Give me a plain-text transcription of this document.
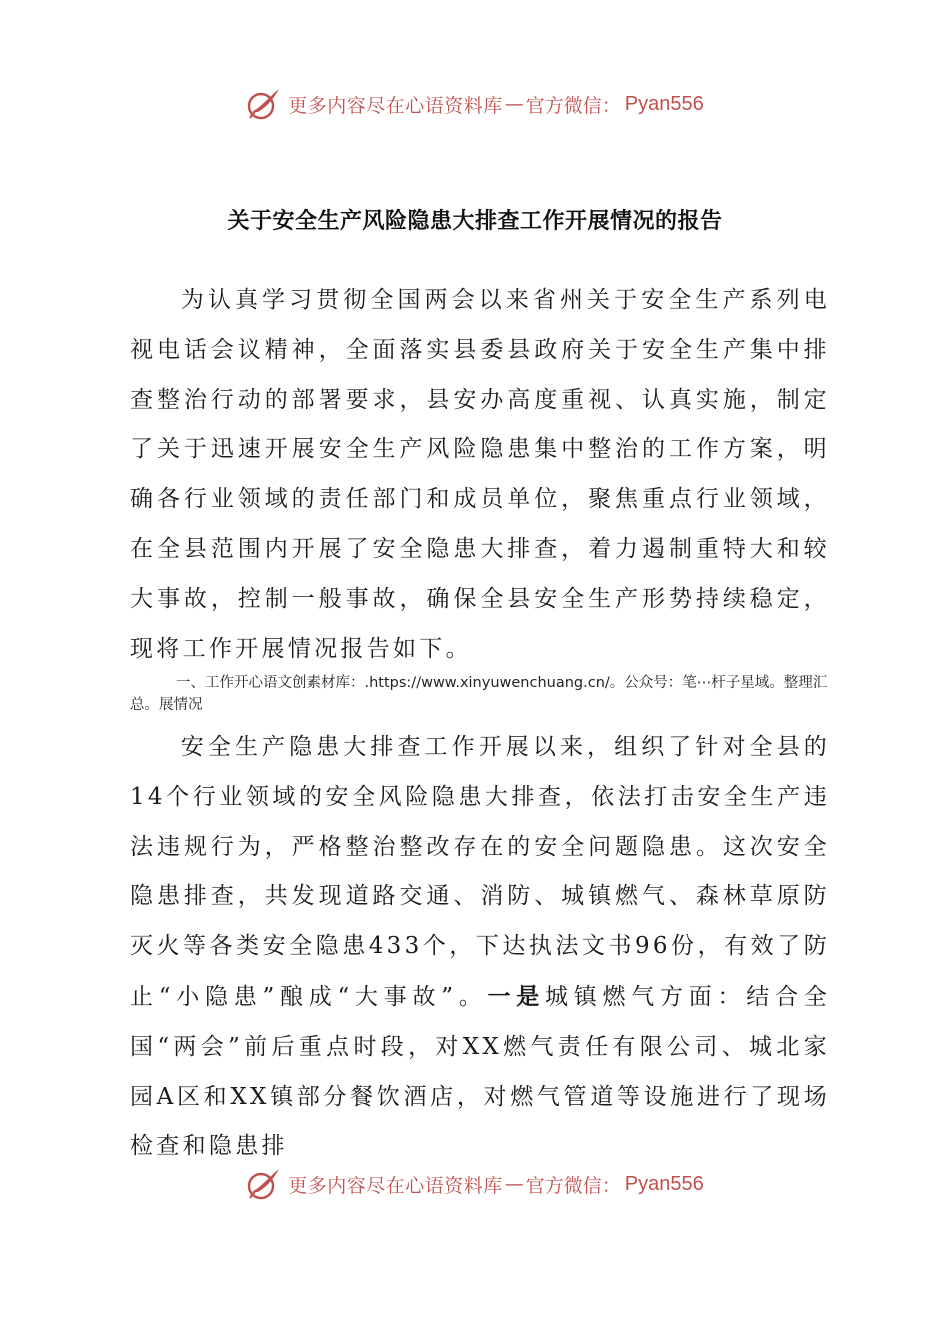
更多内容尽在心语资料库 — 官方微信： Pyan556
关于安全生产风险隐患大排查工作开展情况的报告

为认真学习贯彻全国两会以来省州关于安全生产系列电视电话会议精神，全面落实县委县政府关于安全生产集中排查整治行动的部署要求，县安办高度重视、认真实施，制定了关于迅速开展安全生产风险隐患集中整治的工作方案，明确各行业领域的责任部门和成员单位，聚焦重点行业领域，在全县范围内开展了安全隐患大排查，着力遏制重特大和较大事故，控制一般事故，确保全县安全生产形势持续稳定，现将工作开展情况报告如下。

一、工作开心语文创素材库：.https://www.xinyuwenchuang.cn/。公众号：笔⋯杆子星域。整理汇总。展情况

安全生产隐患大排查工作开展以来，组织了针对全县的14个行业领域的安全风险隐患大排查，依法打击安全生产违法违规行为，严格整治整改存在的安全问题隐患。这次安全隐患排查，共发现道路交通、消防、城镇燃气、森林草原防灭火等各类安全隐患433个，下达执法文书96份，有效了防止“小隐患”酿成“大事故”。一是城镇燃气方面：结合全国“两会”前后重点时段，对XX燃气责任有限公司、城北家园A区和XX镇部分餐饮酒店，对燃气管道等设施进行了现场检查和隐患排

更多内容尽在心语资料库 — 官方微信： Pyan556
